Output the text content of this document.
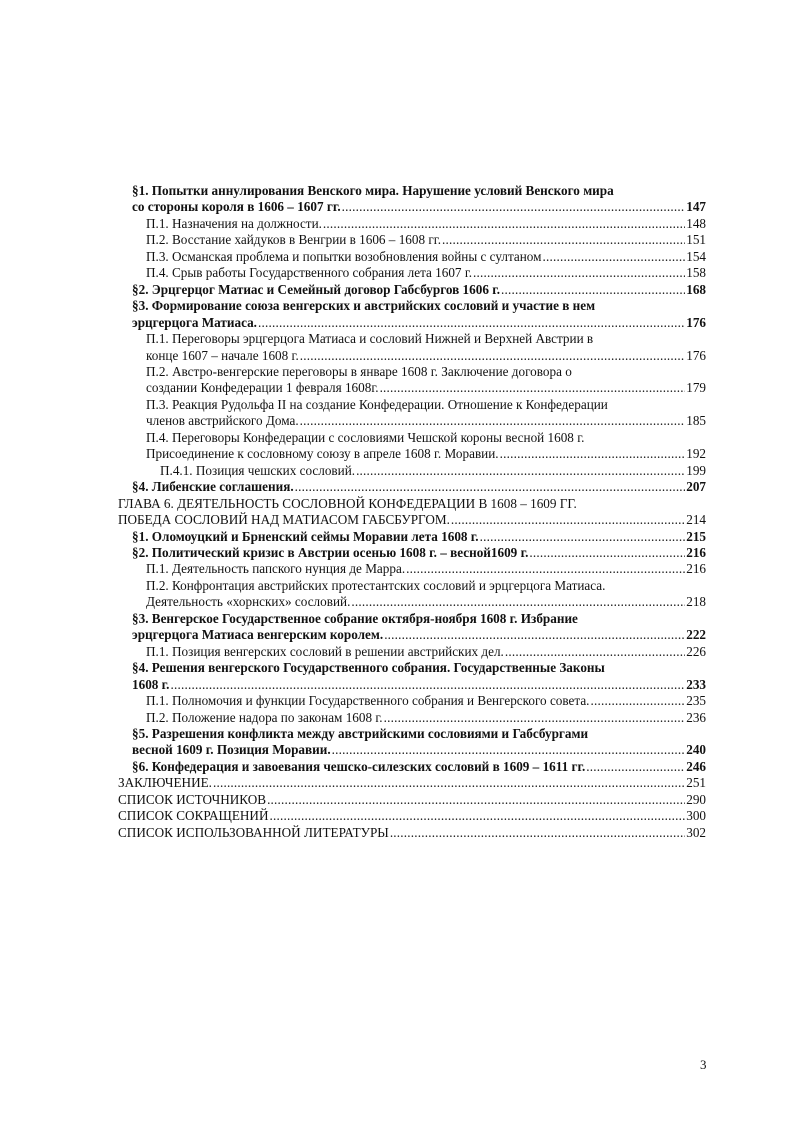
§1. Попытки аннулирования Венского мира. Нарушение условий Венского мира
со стороны короля в 1606 – 1607 гг. .....	147
П.1. Назначения на должности. .....	148
П.2. Восстание хайдуков в Венгрии в 1606 – 1608 гг. .....	151
П.3. Османская проблема и попытки возобновления войны с султаном .....	154
П.4. Срыв работы Государственного собрания лета 1607 г. .....	158
§2. Эрцгерцог Матиас и Семейный договор Габсбургов 1606 г. .....	168
§3. Формирование союза венгерских и австрийских сословий и участие в нем
эрцгерцога Матиаса. .....	176
П.1. Переговоры эрцгерцога Матиаса и сословий Нижней и Верхней Австрии в
конце 1607 – начале 1608 г. .....	176
П.2. Австро-венгерские переговоры в январе 1608 г. Заключение договора о
создании Конфедерации 1 февраля 1608г. .....	179
П.3. Реакция Рудольфа II на создание Конфедерации. Отношение к Конфедерации
членов австрийского Дома. .....	185
П.4. Переговоры Конфедерации с сословиями Чешской короны весной 1608 г.
Присоединение к сословному союзу в апреле 1608 г. Моравии. .....	192
П.4.1. Позиция чешских сословий. .....	199
§4. Либенские соглашения. .....	207
ГЛАВА 6. ДЕЯТЕЛЬНОСТЬ СОСЛОВНОЙ КОНФЕДЕРАЦИИ В 1608 – 1609 ГГ.
ПОБЕДА СОСЛОВИЙ НАД МАТИАСОМ ГАБСБУРГОМ. .....	214
§1. Оломоуцкий и Брненский сеймы Моравии лета 1608 г. .....	215
§2. Политический кризис в Австрии осенью 1608 г. – весной1609 г. .....	216
П.1. Деятельность папского нунция де Марра. .....	216
П.2. Конфронтация австрийских протестантских сословий и эрцгерцога Матиаса.
Деятельность «хорнских» сословий. .....	218
§3. Венгерское Государственное собрание октября-ноября 1608 г. Избрание
эрцгерцога Матиаса венгерским королем. .....	222
П.1. Позиция венгерских сословий в решении австрийских дел. .....	226
§4. Решения венгерского Государственного собрания. Государственные Законы
1608 г. .....	233
П.1. Полномочия и функции Государственного собрания и Венгерского совета. .....	235
П.2. Положение надора по законам 1608 г. .....	236
§5. Разрешения конфликта между австрийскими сословиями и Габсбургами
весной 1609 г. Позиция Моравии. .....	240
§6. Конфедерация и завоевания чешско-силезских сословий в 1609 – 1611 гг. .....	246
ЗАКЛЮЧЕНИЕ. .....	251
СПИСОК ИСТОЧНИКОВ .....	290
СПИСОК СОКРАЩЕНИЙ .....	300
СПИСОК ИСПОЛЬЗОВАННОЙ ЛИТЕРАТУРЫ .....	302
3
